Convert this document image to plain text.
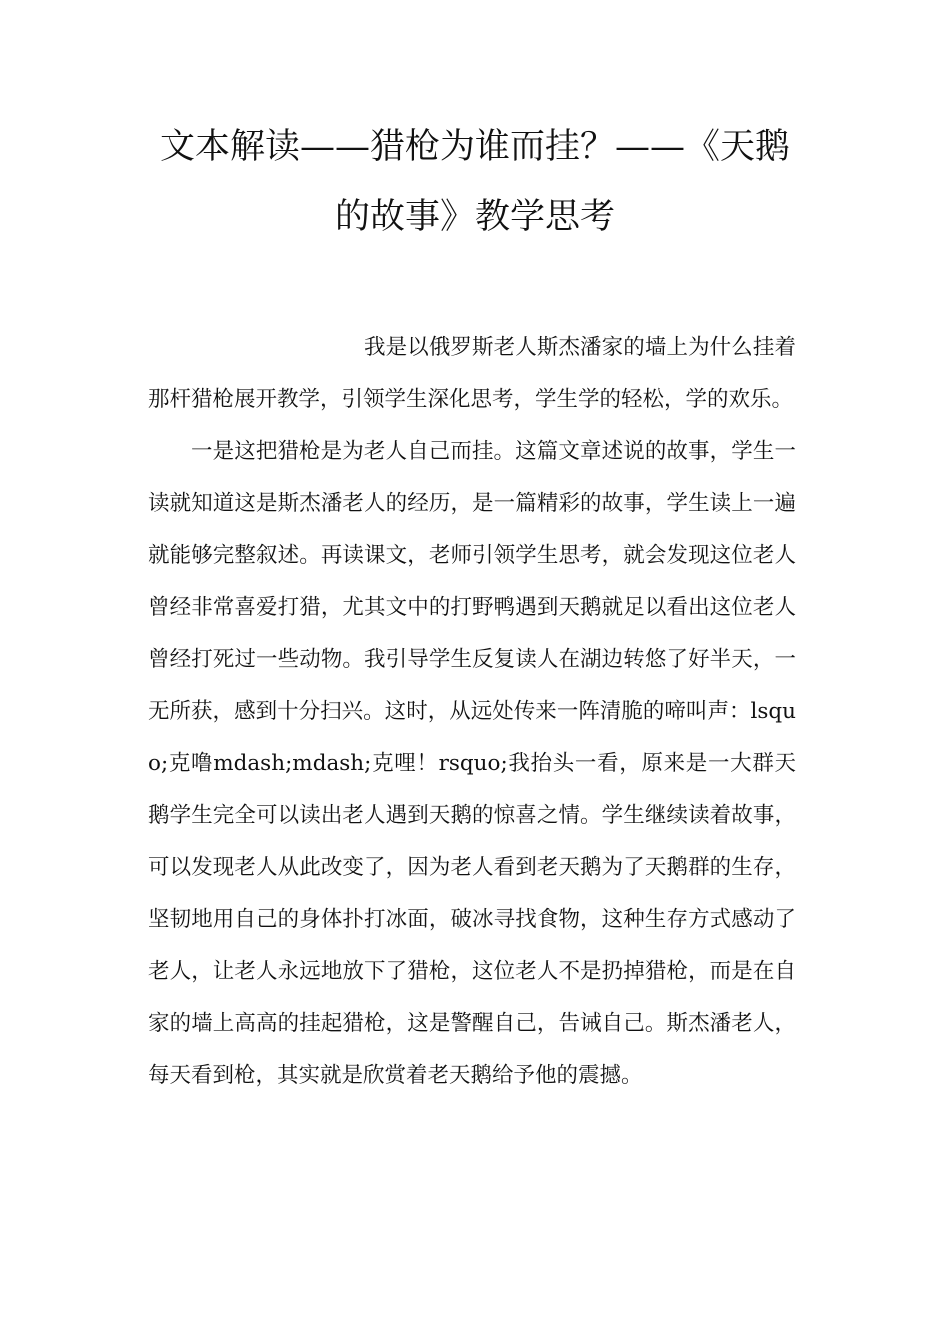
文本解读——猎枪为谁而挂？——《天鹅的故事》教学思考

我是以俄罗斯老人斯杰潘家的墙上为什么挂着那杆猎枪展开教学，引领学生深化思考，学生学的轻松，学的欢乐。

一是这把猎枪是为老人自己而挂。这篇文章述说的故事，学生一读就知道这是斯杰潘老人的经历，是一篇精彩的故事，学生读上一遍就能够完整叙述。再读课文，老师引领学生思考，就会发现这位老人曾经非常喜爱打猎，尤其文中的打野鸭遇到天鹅就足以看出这位老人曾经打死过一些动物。我引导学生反复读人在湖边转悠了好半天，一无所获，感到十分扫兴。这时，从远处传来一阵清脆的啼叫声：lsquo;克噜mdash;mdash;克哩！rsquo;我抬头一看，原来是一大群天鹅学生完全可以读出老人遇到天鹅的惊喜之情。学生继续读着故事，可以发现老人从此改变了，因为老人看到老天鹅为了天鹅群的生存，坚韧地用自己的身体扑打冰面，破冰寻找食物，这种生存方式感动了老人，让老人永远地放下了猎枪，这位老人不是扔掉猎枪，而是在自家的墙上高高的挂起猎枪，这是警醒自己，告诫自己。斯杰潘老人，每天看到枪，其实就是欣赏着老天鹅给予他的震撼。
